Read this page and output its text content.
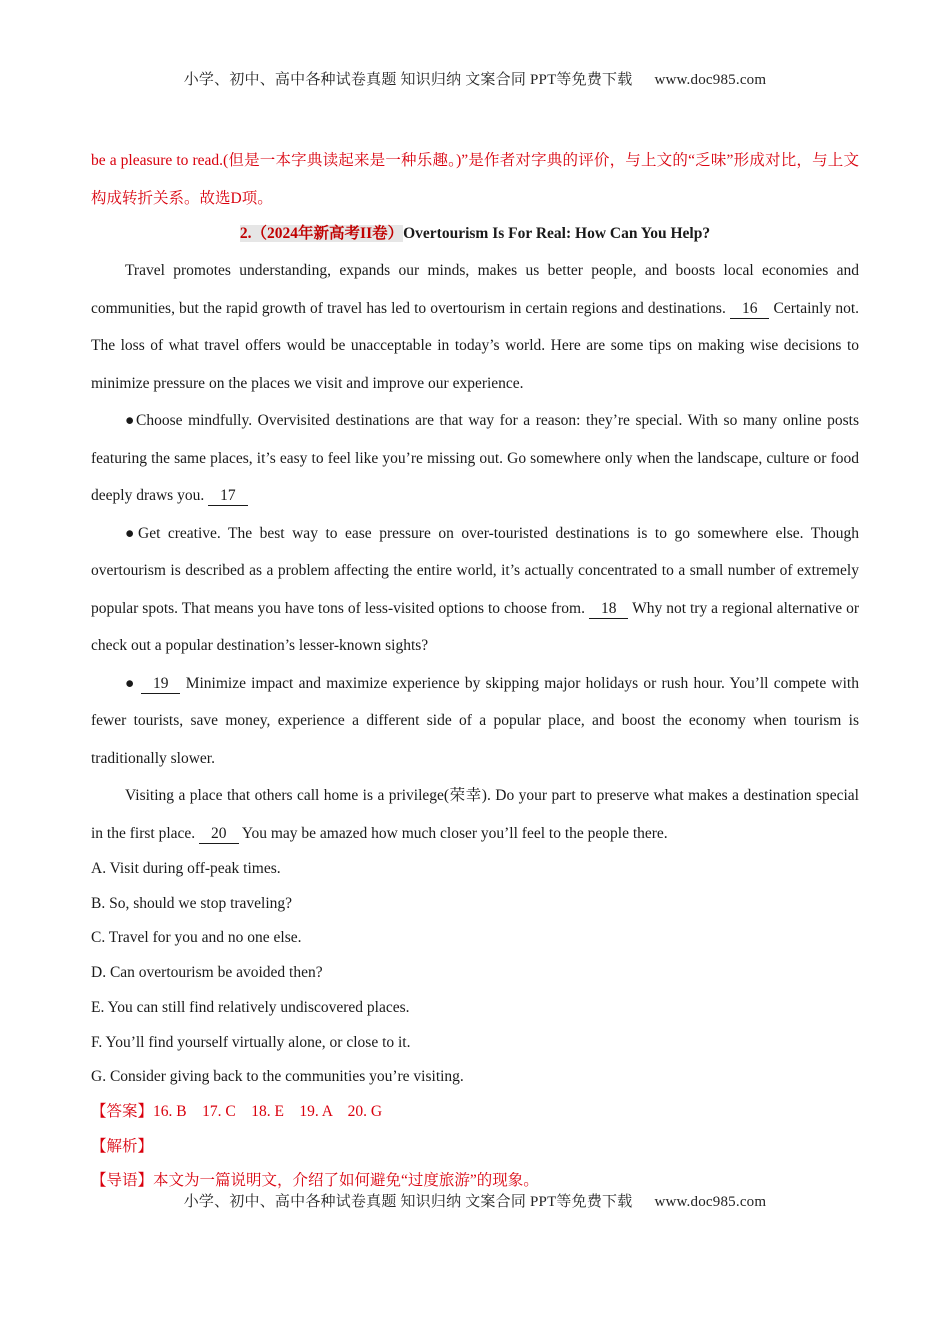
小学、初中、高中各种试卷真题 知识归纳 文案合同 PPT等免费下载 www.doc985.com

be a pleasure to read.(但是一本字典读起来是一种乐趣。)”是作者对字典的评价，与上文的“乏味”形成对比，与上文构成转折关系。故选D项。

2.（2024年新高考II卷）Overtourism Is For Real: How Can You Help?

Travel promotes understanding, expands our minds, makes us better people, and boosts local economies and communities, but the rapid growth of travel has led to overtourism in certain regions and destinations. 16 Certainly not. The loss of what travel offers would be unacceptable in today’s world. Here are some tips on making wise decisions to minimize pressure on the places we visit and improve our experience.

●Choose mindfully. Overvisited destinations are that way for a reason: they’re special. With so many online posts featuring the same places, it’s easy to feel like you’re missing out. Go somewhere only when the landscape, culture or food deeply draws you. 17

●Get creative. The best way to ease pressure on over-touristed destinations is to go somewhere else. Though overtourism is described as a problem affecting the entire world, it’s actually concentrated to a small number of extremely popular spots. That means you have tons of less-visited options to choose from. 18 Why not try a regional alternative or check out a popular destination’s lesser-known sights?

● 19 Minimize impact and maximize experience by skipping major holidays or rush hour. You’ll compete with fewer tourists, save money, experience a different side of a popular place, and boost the economy when tourism is traditionally slower.

Visiting a place that others call home is a privilege(荣幸). Do your part to preserve what makes a destination special in the first place. 20 You may be amazed how much closer you’ll feel to the people there.

A. Visit during off-peak times.

B. So, should we stop traveling?

C. Travel for you and no one else.

D. Can overtourism be avoided then?

E. You can still find relatively undiscovered places.

F. You’ll find yourself virtually alone, or close to it.

G. Consider giving back to the communities you’re visiting.

【答案】16. B　17. C　18. E　19. A　20. G

【解析】

【导语】本文为一篇说明文，介绍了如何避免“过度旅游”的现象。

小学、初中、高中各种试卷真题 知识归纳 文案合同 PPT等免费下载 www.doc985.com
